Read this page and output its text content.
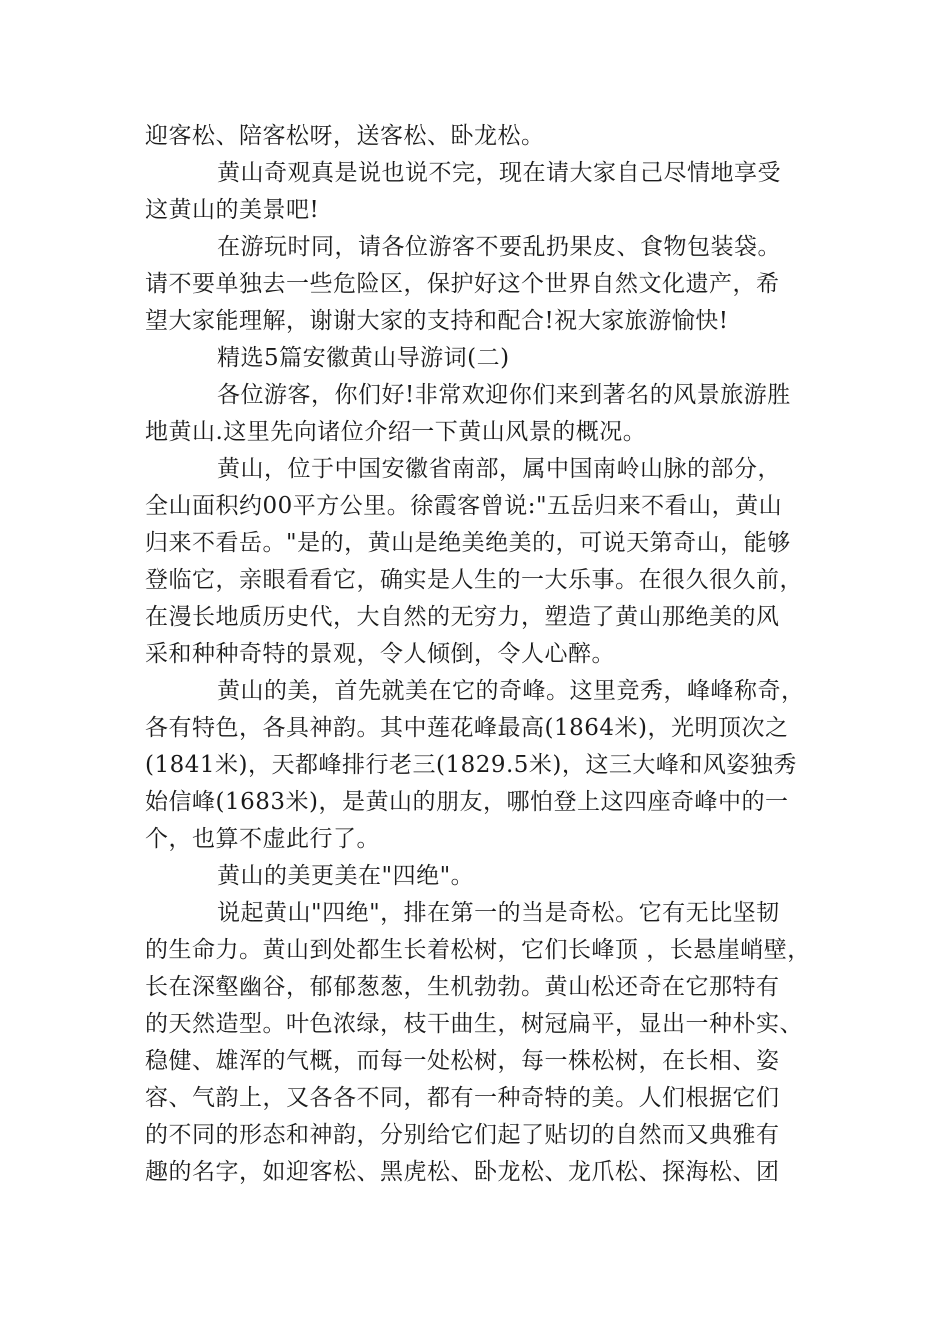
迎客松、陪客松呀，送客松、卧龙松。
黄山奇观真是说也说不完，现在请大家自己尽情地享受
这黄山的美景吧!
在游玩时同，请各位游客不要乱扔果皮、食物包装袋。
请不要单独去一些危险区，保护好这个世界自然文化遗产，希
望大家能理解，谢谢大家的支持和配合!祝大家旅游愉快!
精选5篇安徽黄山导游词(二)
各位游客，你们好!非常欢迎你们来到著名的风景旅游胜
地黄山.这里先向诸位介绍一下黄山风景的概况。
黄山，位于中国安徽省南部，属中国南岭山脉的部分，
全山面积约00平方公里。徐霞客曾说:"五岳归来不看山，黄山
归来不看岳。"是的，黄山是绝美绝美的，可说天第奇山，能够
登临它，亲眼看看它，确实是人生的一大乐事。在很久很久前，
在漫长地质历史代，大自然的无穷力，塑造了黄山那绝美的风
采和种种奇特的景观，令人倾倒，令人心醉。
黄山的美，首先就美在它的奇峰。这里竞秀，峰峰称奇，
各有特色，各具神韵。其中莲花峰最高(1864米)，光明顶次之
(1841米)，天都峰排行老三(1829.5米)，这三大峰和风姿独秀
始信峰(1683米)，是黄山的朋友，哪怕登上这四座奇峰中的一
个，也算不虚此行了。
黄山的美更美在"四绝"。
说起黄山"四绝"，排在第一的当是奇松。它有无比坚韧
的生命力。黄山到处都生长着松树，它们长峰顶 ，长悬崖峭壁，
长在深壑幽谷，郁郁葱葱，生机勃勃。黄山松还奇在它那特有
的天然造型。叶色浓绿，枝干曲生，树冠扁平，显出一种朴实、
稳健、雄浑的气概，而每一处松树，每一株松树，在长相、姿
容、气韵上，又各各不同，都有一种奇特的美。人们根据它们
的不同的形态和神韵，分别给它们起了贴切的自然而又典雅有
趣的名字，如迎客松、黑虎松、卧龙松、龙爪松、探海松、团
